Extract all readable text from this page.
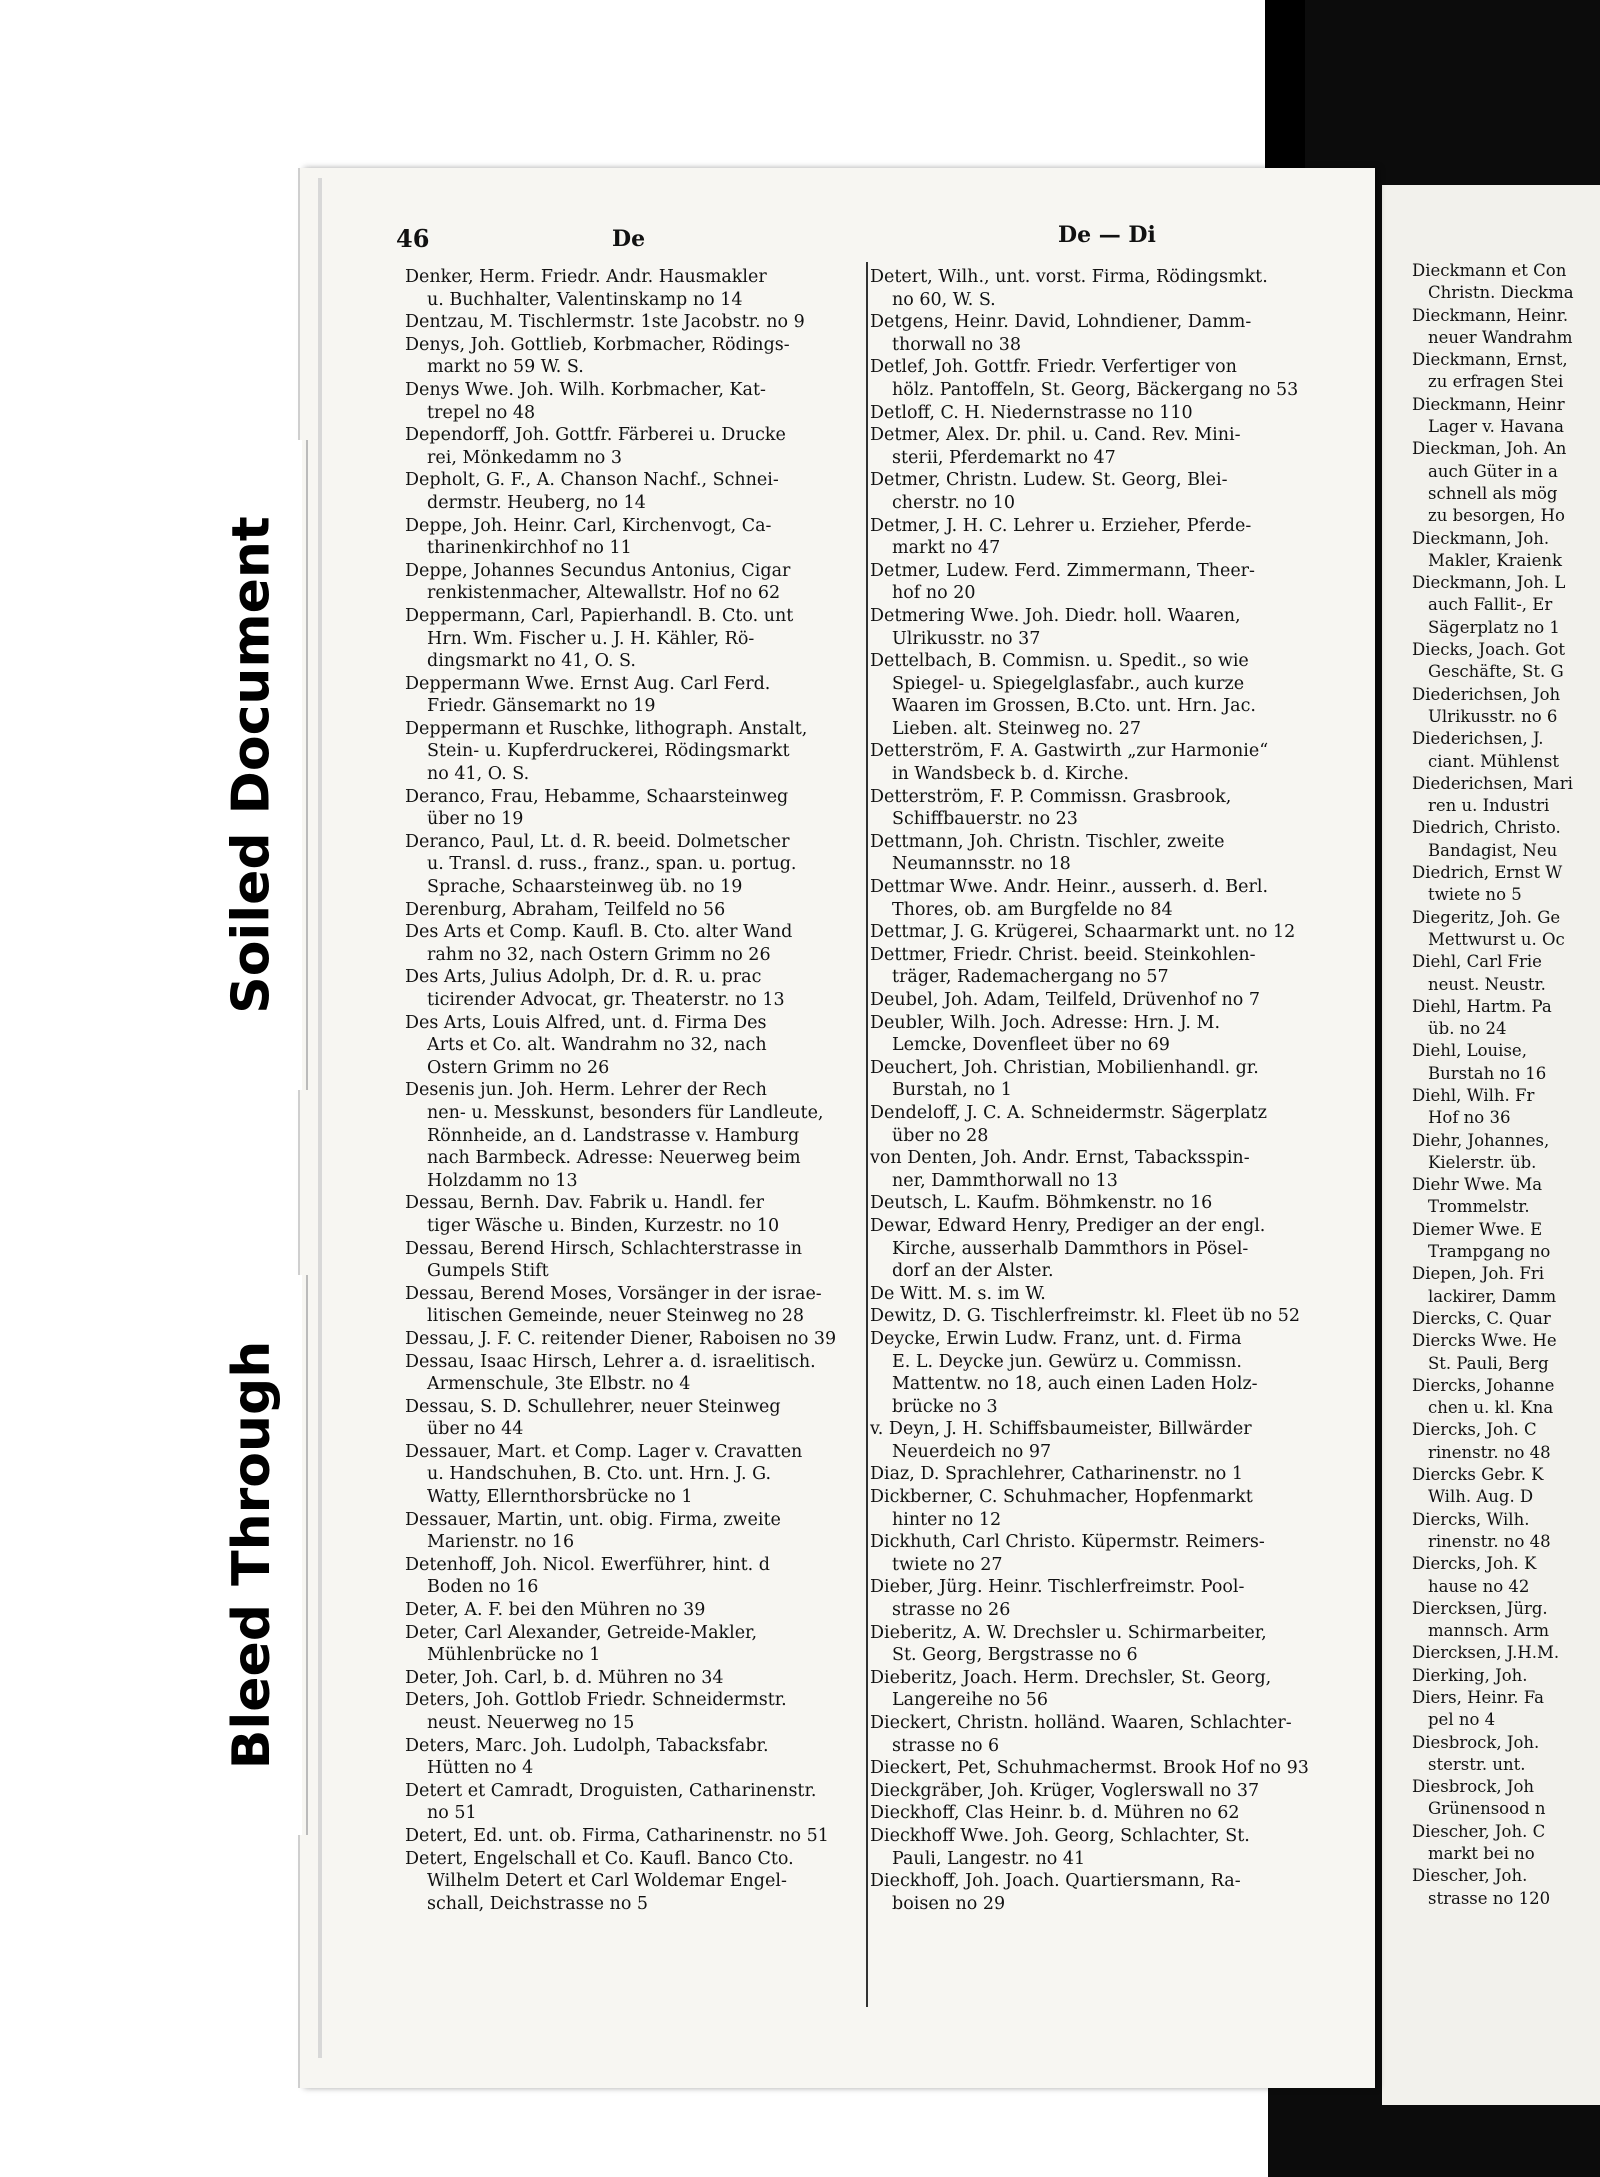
Dieckmann et Con
Christn. Dieckma
Dieckmann, Heinr.
neuer Wandrahm
Dieckmann, Ernst,
zu erfragen Stei
Dieckmann, Heinr
Lager v. Havana
Dieckman, Joh. An
auch Güter in a
schnell als mög
zu besorgen, Ho
Dieckmann, Joh.
Makler, Kraienk
Dieckmann, Joh. L
auch Fallit-, Er
Sägerplatz no 1
Diecks, Joach. Got
Geschäfte, St. G
Diederichsen, Joh
Ulrikusstr. no 6
Diederichsen, J.
ciant. Mühlenst
Diederichsen, Mari
ren u. Industri
Diedrich, Christo.
Bandagist, Neu
Diedrich, Ernst W
twiete no 5
Diegeritz, Joh. Ge
Mettwurst u. Oc
Diehl, Carl Frie
neust. Neustr.
Diehl, Hartm. Pa
üb. no 24
Diehl, Louise,
Burstah no 16
Diehl, Wilh. Fr
Hof no 36
Diehr, Johannes,
Kielerstr. üb.
Diehr Wwe. Ma
Trommelstr.
Diemer Wwe. E
Trampgang no
Diepen, Joh. Fri
lackirer, Damm
Diercks, C. Quar
Diercks Wwe. He
St. Pauli, Berg
Diercks, Johanne
chen u. kl. Kna
Diercks, Joh. C
rinenstr. no 48
Diercks Gebr. K
Wilh. Aug. D
Diercks, Wilh.
rinenstr. no 48
Diercks, Joh. K
hause no 42
Diercksen, Jürg.
mannsch. Arm
Diercksen, J.H.M.
Dierking, Joh.
Diers, Heinr. Fa
pel no 4
Diesbrock, Joh.
sterstr. unt.
Diesbrock, Joh
Grünensood n
Diescher, Joh. C
markt bei no
Diescher, Joh.
strasse no 120
Soiled Document
Bleed Through
46	De	De — Di
Denker, Herm. Friedr. Andr. Hausmakler
u. Buchhalter, Valentinskamp no 14
Dentzau, M. Tischlermstr. 1ste Jacobstr. no 9
Denys, Joh. Gottlieb, Korbmacher, Rödings-
markt no 59 W. S.
Denys Wwe. Joh. Wilh. Korbmacher, Kat-
trepel no 48
Dependorff, Joh. Gottfr. Färberei u. Drucke
rei, Mönkedamm no 3
Depholt, G. F., A. Chanson Nachf., Schnei-
dermstr. Heuberg, no 14
Deppe, Joh. Heinr. Carl, Kirchenvogt, Ca-
tharinenkirchhof no 11
Deppe, Johannes Secundus Antonius, Cigar
renkistenmacher, Altewallstr. Hof no 62
Deppermann, Carl, Papierhandl. B. Cto. unt
Hrn. Wm. Fischer u. J. H. Kähler, Rö-
dingsmarkt no 41, O. S.
Deppermann Wwe. Ernst Aug. Carl Ferd.
Friedr. Gänsemarkt no 19
Deppermann et Ruschke, lithograph. Anstalt,
Stein- u. Kupferdruckerei, Rödingsmarkt
no 41, O. S.
Deranco, Frau, Hebamme, Schaarsteinweg
über no 19
Deranco, Paul, Lt. d. R. beeid. Dolmetscher
u. Transl. d. russ., franz., span. u. portug.
Sprache, Schaarsteinweg üb. no 19
Derenburg, Abraham, Teilfeld no 56
Des Arts et Comp. Kaufl. B. Cto. alter Wand
rahm no 32, nach Ostern Grimm no 26
Des Arts, Julius Adolph, Dr. d. R. u. prac
ticirender Advocat, gr. Theaterstr. no 13
Des Arts, Louis Alfred, unt. d. Firma Des
Arts et Co. alt. Wandrahm no 32, nach
Ostern Grimm no 26
Desenis jun. Joh. Herm. Lehrer der Rech
nen- u. Messkunst, besonders für Landleute,
Rönnheide, an d. Landstrasse v. Hamburg
nach Barmbeck. Adresse: Neuerweg beim
Holzdamm no 13
Dessau, Bernh. Dav. Fabrik u. Handl. fer
tiger Wäsche u. Binden, Kurzestr. no 10
Dessau, Berend Hirsch, Schlachterstrasse in
Gumpels Stift
Dessau, Berend Moses, Vorsänger in der israe-
litischen Gemeinde, neuer Steinweg no 28
Dessau, J. F. C. reitender Diener, Raboisen no 39
Dessau, Isaac Hirsch, Lehrer a. d. israelitisch.
Armenschule, 3te Elbstr. no 4
Dessau, S. D. Schullehrer, neuer Steinweg
über no 44
Dessauer, Mart. et Comp. Lager v. Cravatten
u. Handschuhen, B. Cto. unt. Hrn. J. G.
Watty, Ellernthorsbrücke no 1
Dessauer, Martin, unt. obig. Firma, zweite
Marienstr. no 16
Detenhoff, Joh. Nicol. Ewerführer, hint. d
Boden no 16
Deter, A. F. bei den Mühren no 39
Deter, Carl Alexander, Getreide-Makler,
Mühlenbrücke no 1
Deter, Joh. Carl, b. d. Mühren no 34
Deters, Joh. Gottlob Friedr. Schneidermstr.
neust. Neuerweg no 15
Deters, Marc. Joh. Ludolph, Tabacksfabr.
Hütten no 4
Detert et Camradt, Droguisten, Catharinenstr.
no 51
Detert, Ed. unt. ob. Firma, Catharinenstr. no 51
Detert, Engelschall et Co. Kaufl. Banco Cto.
Wilhelm Detert et Carl Woldemar Engel-
schall, Deichstrasse no 5
Detert, Wilh., unt. vorst. Firma, Rödingsmkt.
no 60, W. S.
Detgens, Heinr. David, Lohndiener, Damm-
thorwall no 38
Detlef, Joh. Gottfr. Friedr. Verfertiger von
hölz. Pantoffeln, St. Georg, Bäckergang no 53
Detloff, C. H. Niedernstrasse no 110
Detmer, Alex. Dr. phil. u. Cand. Rev. Mini-
sterii, Pferdemarkt no 47
Detmer, Christn. Ludew. St. Georg, Blei-
cherstr. no 10
Detmer, J. H. C. Lehrer u. Erzieher, Pferde-
markt no 47
Detmer, Ludew. Ferd. Zimmermann, Theer-
hof no 20
Detmering Wwe. Joh. Diedr. holl. Waaren,
Ulrikusstr. no 37
Dettelbach, B. Commisn. u. Spedit., so wie
Spiegel- u. Spiegelglasfabr., auch kurze
Waaren im Grossen, B.Cto. unt. Hrn. Jac.
Lieben. alt. Steinweg no. 27
Detterström, F. A. Gastwirth „zur Harmonie“
in Wandsbeck b. d. Kirche.
Detterström, F. P. Commissn. Grasbrook,
Schiffbauerstr. no 23
Dettmann, Joh. Christn. Tischler, zweite
Neumannsstr. no 18
Dettmar Wwe. Andr. Heinr., ausserh. d. Berl.
Thores, ob. am Burgfelde no 84
Dettmar, J. G. Krügerei, Schaarmarkt unt. no 12
Dettmer, Friedr. Christ. beeid. Steinkohlen-
träger, Rademachergang no 57
Deubel, Joh. Adam, Teilfeld, Drüvenhof no 7
Deubler, Wilh. Joch. Adresse: Hrn. J. M.
Lemcke, Dovenfleet über no 69
Deuchert, Joh. Christian, Mobilienhandl. gr.
Burstah, no 1
Dendeloff, J. C. A. Schneidermstr. Sägerplatz
über no 28
von Denten, Joh. Andr. Ernst, Tabacksspin-
ner, Dammthorwall no 13
Deutsch, L. Kaufm. Böhmkenstr. no 16
Dewar, Edward Henry, Prediger an der engl.
Kirche, ausserhalb Dammthors in Pösel-
dorf an der Alster.
De Witt. M. s. im W.
Dewitz, D. G. Tischlerfreimstr. kl. Fleet üb no 52
Deycke, Erwin Ludw. Franz, unt. d. Firma
E. L. Deycke jun. Gewürz u. Commissn.
Mattentw. no 18, auch einen Laden Holz-
brücke no 3
v. Deyn, J. H. Schiffsbaumeister, Billwärder
Neuerdeich no 97
Diaz, D. Sprachlehrer, Catharinenstr. no 1
Dickberner, C. Schuhmacher, Hopfenmarkt
hinter no 12
Dickhuth, Carl Christo. Küpermstr. Reimers-
twiete no 27
Dieber, Jürg. Heinr. Tischlerfreimstr. Pool-
strasse no 26
Dieberitz, A. W. Drechsler u. Schirmarbeiter,
St. Georg, Bergstrasse no 6
Dieberitz, Joach. Herm. Drechsler, St. Georg,
Langereihe no 56
Dieckert, Christn. holländ. Waaren, Schlachter-
strasse no 6
Dieckert, Pet, Schuhmachermst. Brook Hof no 93
Dieckgräber, Joh. Krüger, Voglerswall no 37
Dieckhoff, Clas Heinr. b. d. Mühren no 62
Dieckhoff Wwe. Joh. Georg, Schlachter, St.
Pauli, Langestr. no 41
Dieckhoff, Joh. Joach. Quartiersmann, Ra-
boisen no 29
